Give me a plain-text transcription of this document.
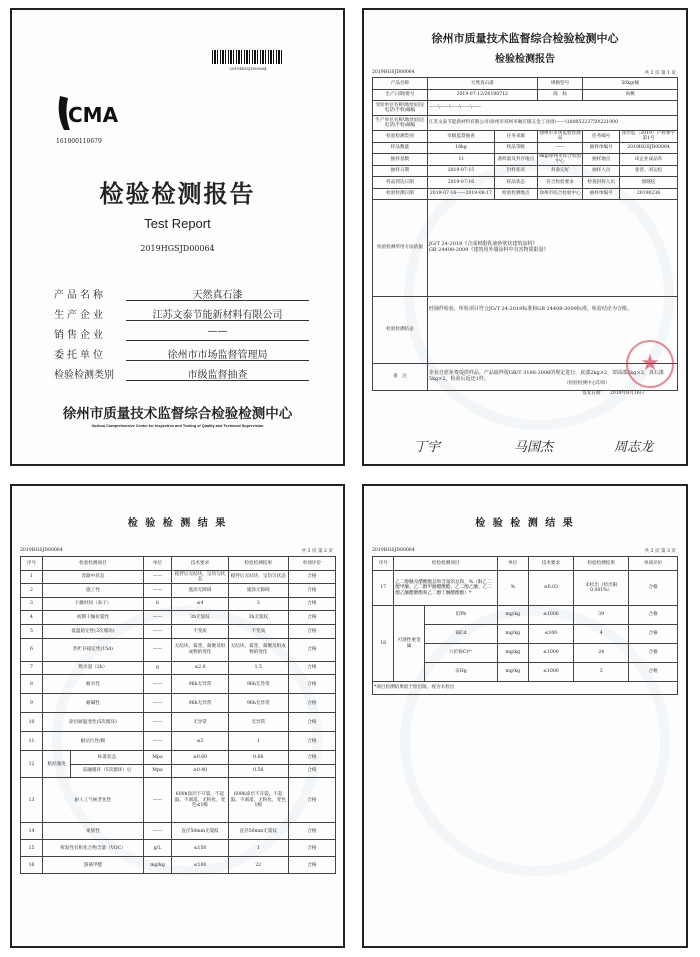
2019HGSJD00064
CMA
161000110679
检验检测报告
Test Report
2019HGSJD00064
产品名称	天然真石漆
生产企业	江苏文泰节能新材料有限公司
销售企业	——
委托单位	徐州市市场监督管理局
检验检测类别	市级监督抽查
徐州市质量技术监督综合检验检测中心
Xuzhou Comprehensive Center for Inspection and Testing of Quality and Technical Supervision
徐州市质量技术监督综合检验检测中心
检验检测报告
2019HGSJD00064	共 3 页 第 1 页
产品名称	天然真石漆		规格型号	50kg/桶	
生产日期/批号	2019-07-12/20190712		商　标	尚桃	
受检单位名称\地址\固定电话\手机\邮编	——\——\——\——\——				
生产单位名称\地址\固定电话\手机\邮编	江苏文泰节能新材料有限公司\徐州市邳州市碾庄镇五金工业园\——\18005223750\221000				
检验检测类别	市级监督抽查	任务来源	徐州市市场监督管理局	任务编号	徐市监〔2019〕产检委字第1号
样品数量	18kg	样品等级	——	抽样单编号	2019HGSJD00064
抽样基数	1t	备样量及封存地点	9kg/徐州市综合检验中心	抽样地点	该企业成品库
抽样日期	2019-07-15	封样状况	封条完好	抽样人员	张营、刘运松
样品到达日期	2019-07-16	样品状态	符合检验要求	检查封样人员	郭晓松
检验检测日期	2019-07-16——2019-08-17	检验检测地点	徐州市综合检验中心	抽样单编号	20190236
检验检测所用方法依据	JG/T 24-2018《合成树脂乳液砂壁状建筑涂料》
GB 24408-2009《建筑用外墙涂料中有害物质限量》				
检验检测结论	经抽样检验，所检项目符合JG/T 24-2018标准和GB 24408-2009标准，检验结论为合格。				
备　注	企业自愿免费提供样品。产品取样按GB/T 3186-2006的规定进行，底漆2kg×2，罩面漆2kg×2，真石漆5kg×2，检验后返还1样。				
（检验检测中心印章）
签发日期： 2019年8月16日
★
丁宇	马国杰	周志龙
检 验 检 测 结 果
2019HGSJD00064	共 3 页 第 2 页
序号	检验检测项目		单位	技术要求	检验检测结果	单项评价
1	容器中状态		——	搅拌后无结块，呈均匀状态	搅拌后无结块，呈均匀状态	合格
2	施工性		——	施涂无障碍	施涂无障碍	合格
3	干燥时间（表干）		h	≤4	3	合格
4	初期干燥抗裂性		——	3h无裂纹	3h无裂纹	合格
5	低温稳定性(3次循环)		——	不变质	不变质	合格
6	热贮存稳定性(15d)		——	无结块、霉变、凝聚及组成物的变化	无结块、霉变、凝聚及组成物的变化	合格
7	吸水量（2h）		g	≤2.0	1.5	合格
8	耐水性		——	96h无异常	96h无异常	合格
9	耐碱性		——	96h无异常	96h无异常	合格
10	涂层耐温变性(5次循环)		——	无异常	无异常	合格
11	耐沾污性/级		——	≤2	1	合格
12	粘结强度	标准状态	Mpa	≥0.60	0.66	合格
		冻融循环（5次循环）后	Mpa	≥0.40	0.56	合格
13	耐人工气候老化性		——	600h涂层不开裂，不起鼓、不剥落，无粉化，变色≤1级	600h涂层不开裂，不起鼓、不剥落，无粉化，变色1级	合格
14	柔韧性		——	直径50mm无裂纹	直径50mm无裂纹	合格
15	挥发性有机化合物含量（VOC）		g/L	≤150	1	合格
16	游离甲醛		mg/kg	≤100	22	合格
检 验 检 测 结 果
2019HGSJD00064	共 3 页 第 3 页
序号	检验检测项目		单位	技术要求	检验检测结果	单项评价
17	乙二醇醚及醋酸酯总和含量的总和，%（限乙二醇甲醚、乙二醇甲醚醋酸酯、乙二醇乙醚、乙二醇乙醚醋酸酯和乙二醇丁醚醋酸酯）*		%	≤0.03	未检出（检出限0.001%）	合格
18	可溶性重金属	铅Pb	mg/kg	≤1000	39	合格
		镉Cd	mg/kg	≤100	4	合格
		六价铬Cr⁶⁺	mg/kg	≤1000	24	合格
		汞Hg	mg/kg	≤1000	3	合格
*项目检测结果低于检出限，视为未检出						
